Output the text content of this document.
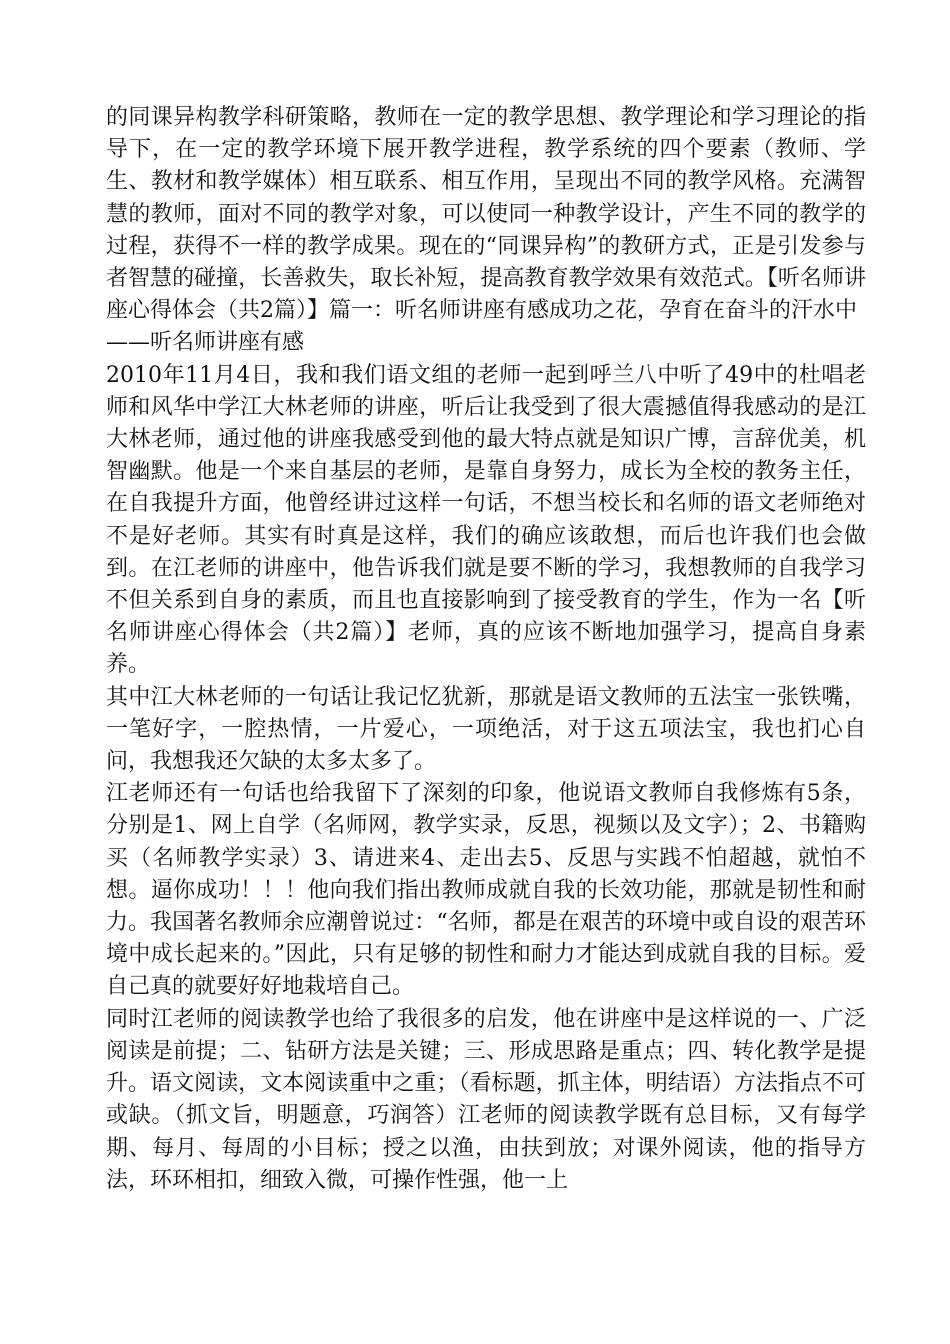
的同课异构教学科研策略，教师在一定的教学思想、教学理论和学习理论的指导下，在一定的教学环境下展开教学进程，教学系统的四个要素（教师、学生、教材和教学媒体）相互联系、相互作用，呈现出不同的教学风格。充满智慧的教师，面对不同的教学对象，可以使同一种教学设计，产生不同的教学的过程，获得不一样的教学成果。现在的“同课异构”的教研方式，正是引发参与者智慧的碰撞，长善救失，取长补短，提高教育教学效果有效范式。【听名师讲座心得体会（共2篇）】篇一：听名师讲座有感成功之花，孕育在奋斗的汗水中

——听名师讲座有感

2010年11月4日，我和我们语文组的老师一起到呼兰八中听了49中的杜唱老师和风华中学江大林老师的讲座，听后让我受到了很大震撼值得我感动的是江大林老师，通过他的讲座我感受到他的最大特点就是知识广博，言辞优美，机智幽默。他是一个来自基层的老师，是靠自身努力，成长为全校的教务主任，在自我提升方面，他曾经讲过这样一句话，不想当校长和名师的语文老师绝对不是好老师。其实有时真是这样，我们的确应该敢想，而后也许我们也会做到。在江老师的讲座中，他告诉我们就是要不断的学习，我想教师的自我学习不但关系到自身的素质，而且也直接影响到了接受教育的学生，作为一名【听名师讲座心得体会（共2篇）】老师，真的应该不断地加强学习，提高自身素养。

其中江大林老师的一句话让我记忆犹新，那就是语文教师的五法宝一张铁嘴，一笔好字，一腔热情，一片爱心，一项绝活，对于这五项法宝，我也扪心自问，我想我还欠缺的太多太多了。

江老师还有一句话也给我留下了深刻的印象，他说语文教师自我修炼有5条，分别是1、网上自学（名师网，教学实录，反思，视频以及文字）；2、书籍购买（名师教学实录）3、请进来4、走出去5、反思与实践不怕超越，就怕不想。逼你成功！！！他向我们指出教师成就自我的长效功能，那就是韧性和耐力。我国著名教师余应潮曾说过：“名师，都是在艰苦的环境中或自设的艰苦环境中成长起来的。”因此，只有足够的韧性和耐力才能达到成就自我的目标。爱自己真的就要好好地栽培自己。

同时江老师的阅读教学也给了我很多的启发，他在讲座中是这样说的一、广泛阅读是前提；二、钻研方法是关键；三、形成思路是重点；四、转化教学是提升。语文阅读，文本阅读重中之重；（看标题，抓主体，明结语）方法指点不可或缺。（抓文旨，明题意，巧润答）江老师的阅读教学既有总目标，又有每学期、每月、每周的小目标；授之以渔，由扶到放；对课外阅读，他的指导方法，环环相扣，细致入微，可操作性强，他一上
